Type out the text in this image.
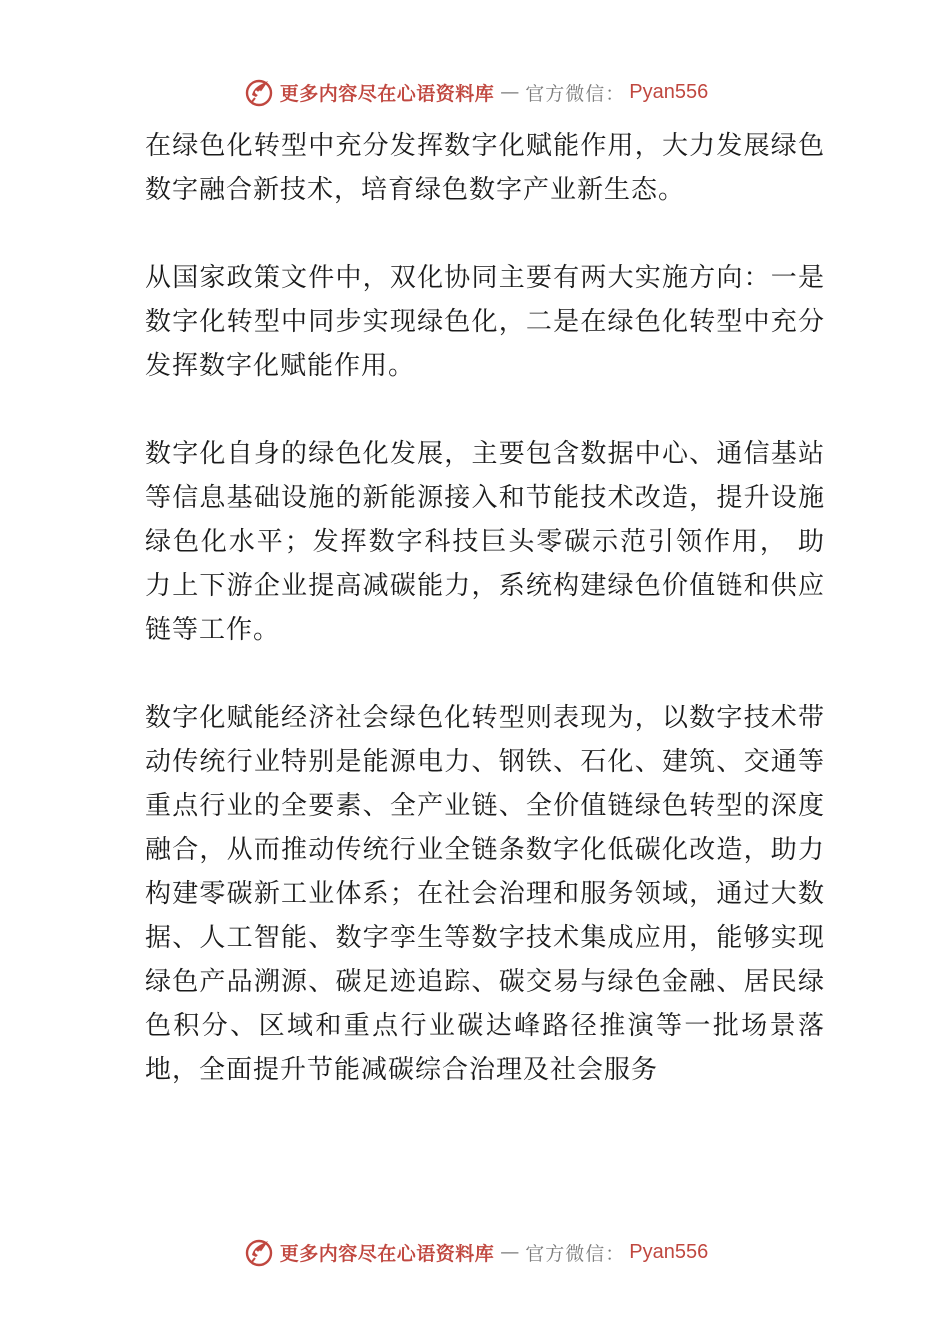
更多内容尽在心语资料库 — 官方微信： Pyan556

在绿色化转型中充分发挥数字化赋能作用，大力发展绿色数字融合新技术，培育绿色数字产业新生态。

从国家政策文件中，双化协同主要有两大实施方向：一是数字化转型中同步实现绿色化，二是在绿色化转型中充分发挥数字化赋能作用。

数字化自身的绿色化发展，主要包含数据中心、通信基站等信息基础设施的新能源接入和节能技术改造，提升设施绿色化水平；发挥数字科技巨头零碳示范引领作用， 助力上下游企业提高减碳能力，系统构建绿色价值链和供应链等工作。

数字化赋能经济社会绿色化转型则表现为，以数字技术带动传统行业特别是能源电力、钢铁、石化、建筑、交通等重点行业的全要素、全产业链、全价值链绿色转型的深度融合，从而推动传统行业全链条数字化低碳化改造，助力构建零碳新工业体系；在社会治理和服务领域，通过大数据、人工智能、数字孪生等数字技术集成应用，能够实现绿色产品溯源、碳足迹追踪、碳交易与绿色金融、居民绿色积分、区域和重点行业碳达峰路径推演等一批场景落地，全面提升节能减碳综合治理及社会服务

更多内容尽在心语资料库 — 官方微信： Pyan556
